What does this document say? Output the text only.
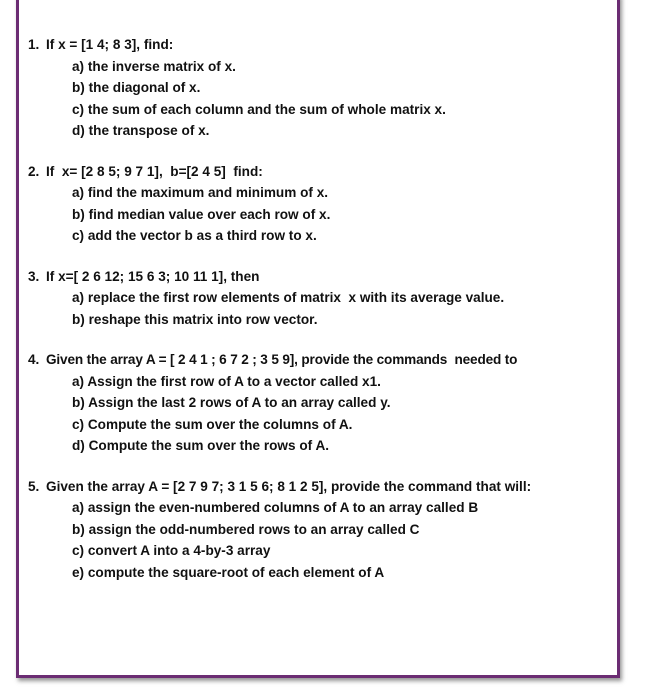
1. If x = [1 4; 8 3], find:
a) the inverse matrix of x.
b) the diagonal of x.
c) the sum of each column and the sum of whole matrix x.
d) the transpose of x.
2. If  x= [2 8 5; 9 7 1],  b=[2 4 5]  find:
a) find the maximum and minimum of x.
b) find median value over each row of x.
c) add the vector b as a third row to x.
3. If x=[ 2 6 12; 15 6 3; 10 11 1], then
a) replace the first row elements of matrix  x with its average value.
b) reshape this matrix into row vector.
4. Given the array A = [ 2 4 1 ; 6 7 2 ; 3 5 9], provide the commands  needed to
a) Assign the first row of A to a vector called x1.
b) Assign the last 2 rows of A to an array called y.
c) Compute the sum over the columns of A.
d) Compute the sum over the rows of A.
5. Given the array A = [2 7 9 7; 3 1 5 6; 8 1 2 5], provide the command that will:
a) assign the even-numbered columns of A to an array called B
b) assign the odd-numbered rows to an array called C
c) convert A into a 4-by-3 array
e) compute the square-root of each element of A
